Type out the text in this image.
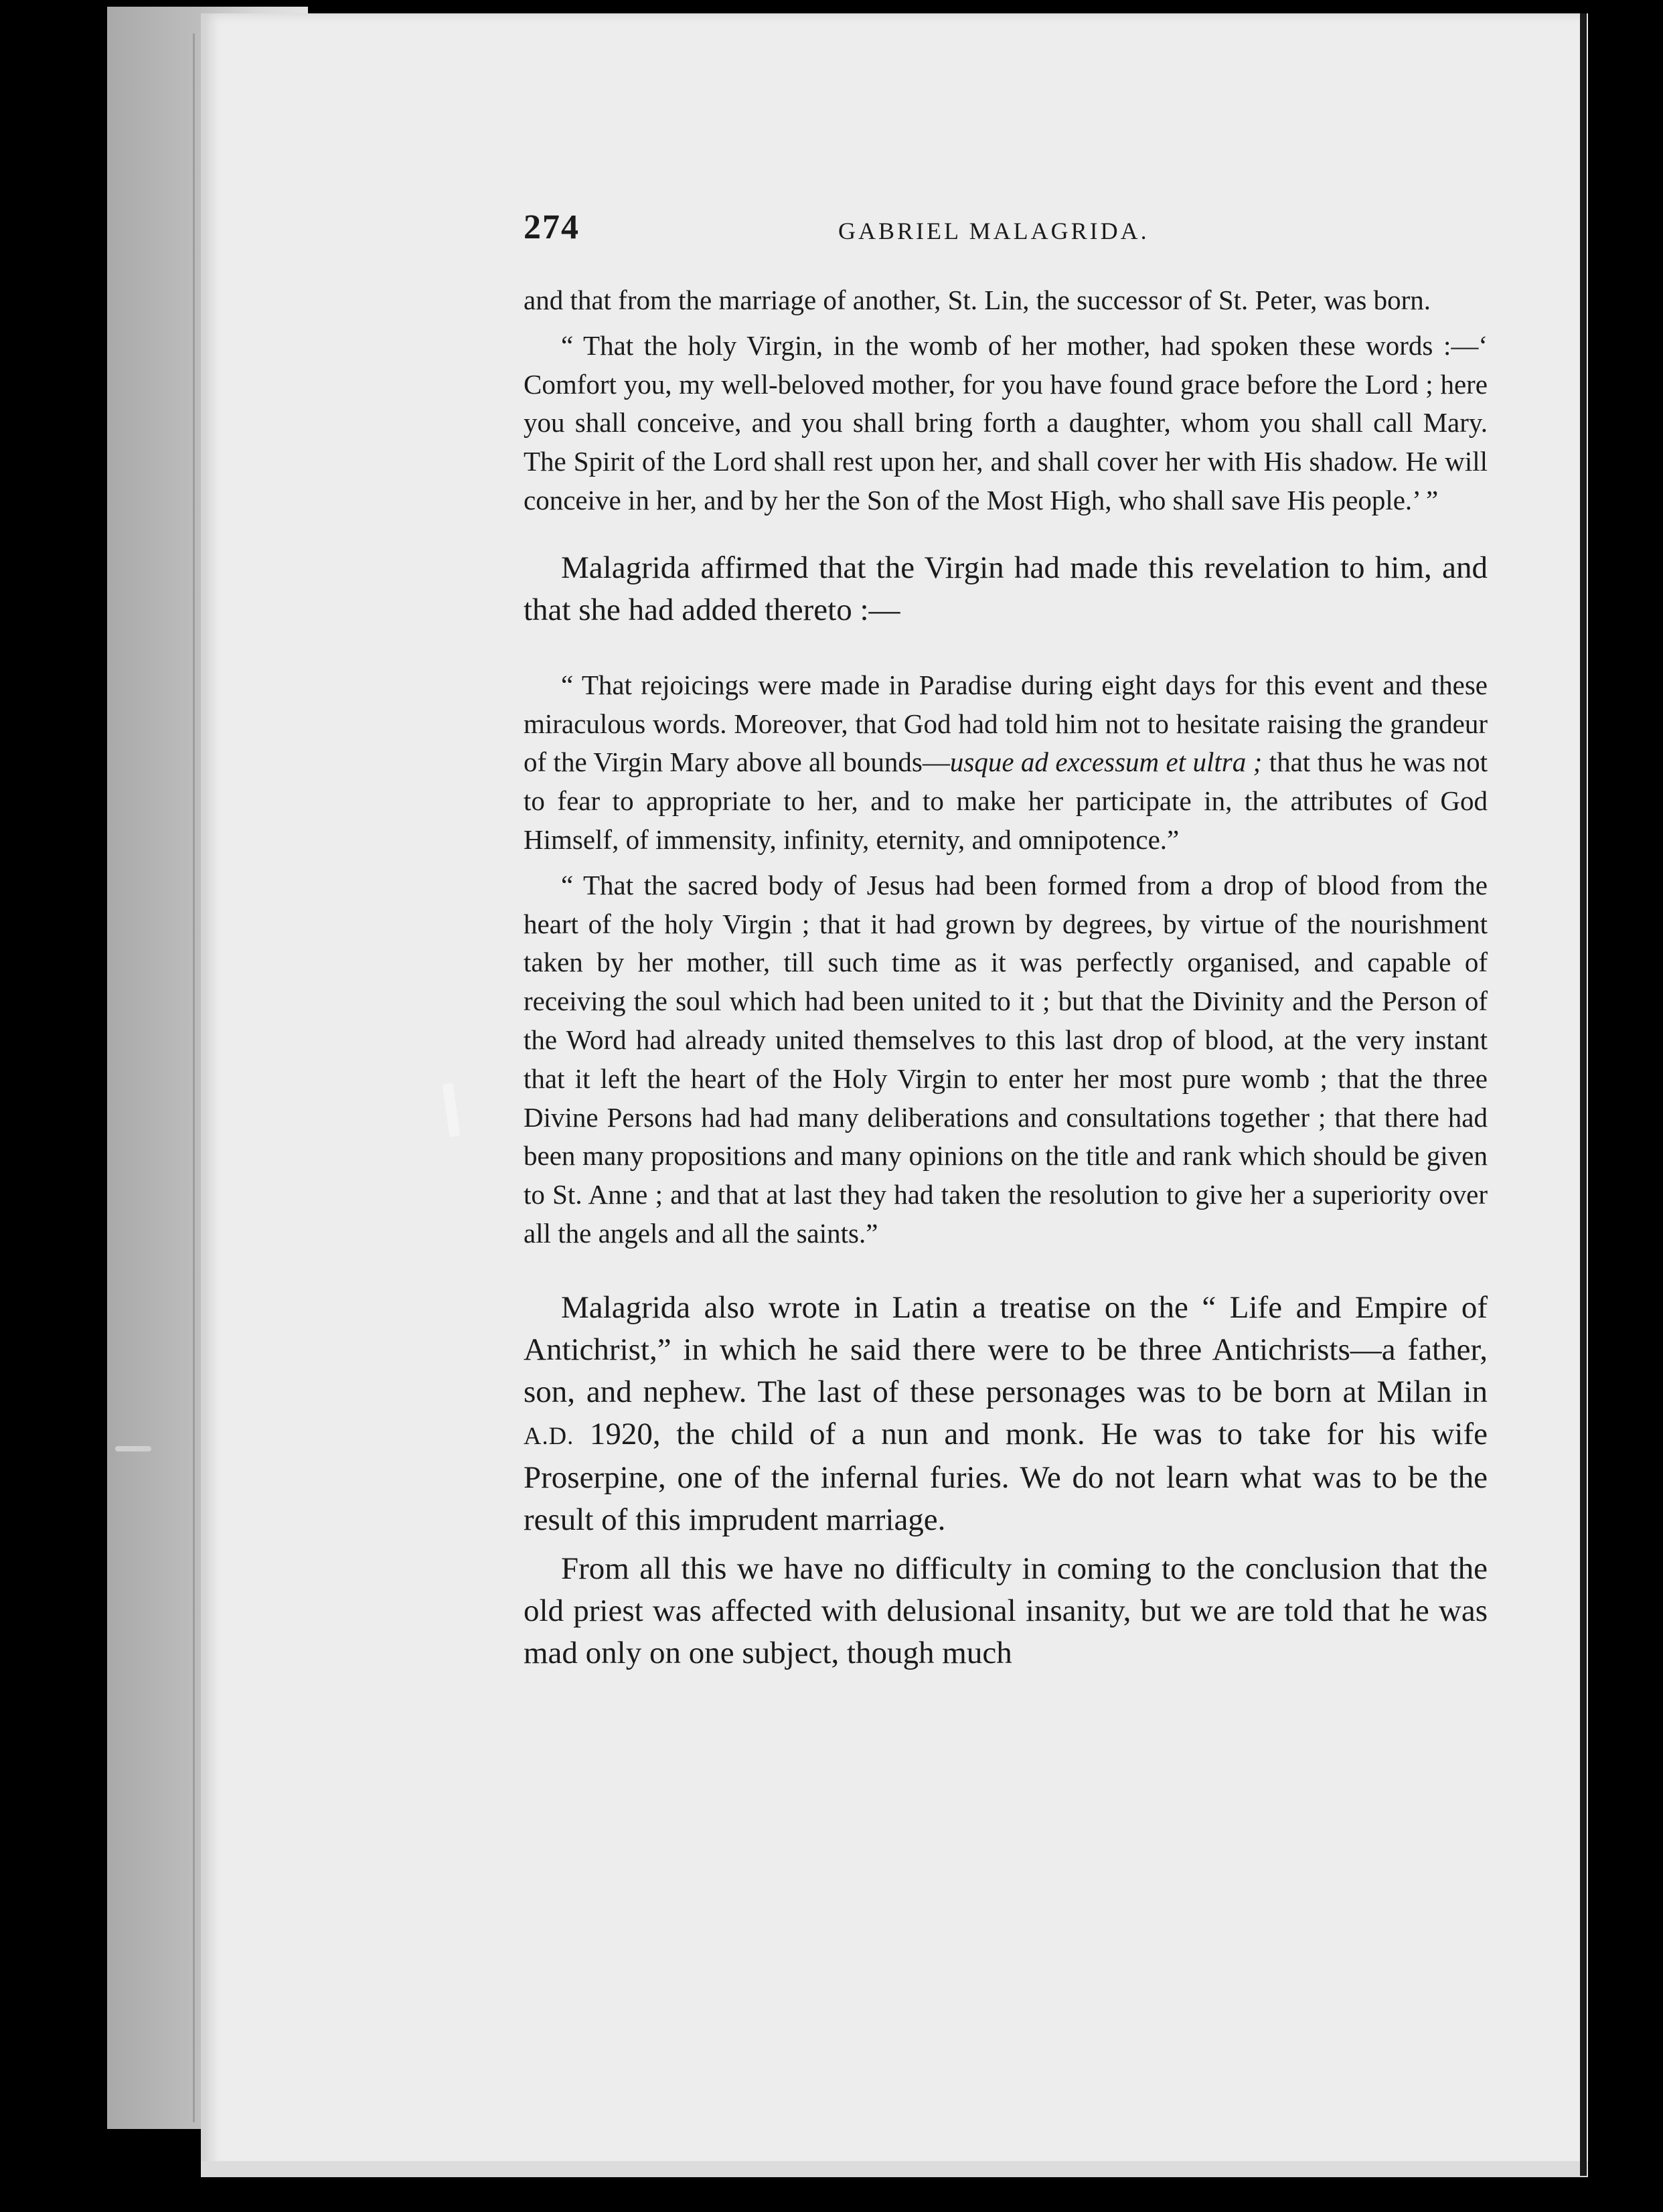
274	GABRIEL MALAGRIDA.

and that from the marriage of another, St. Lin, the successor of St. Peter, was born.

“ That the holy Virgin, in the womb of her mother, had spoken these words :—‘ Comfort you, my well-beloved mother, for you have found grace before the Lord ; here you shall conceive, and you shall bring forth a daughter, whom you shall call Mary. The Spirit of the Lord shall rest upon her, and shall cover her with His shadow. He will conceive in her, and by her the Son of the Most High, who shall save His people.’ ”

Malagrida affirmed that the Virgin had made this revelation to him, and that she had added thereto :—

“ That rejoicings were made in Paradise during eight days for this event and these miraculous words. Moreover, that God had told him not to hesitate raising the grandeur of the Virgin Mary above all bounds—usque ad excessum et ultra ; that thus he was not to fear to appropriate to her, and to make her participate in, the attributes of God Himself, of immensity, infinity, eternity, and omnipotence.”

“ That the sacred body of Jesus had been formed from a drop of blood from the heart of the holy Virgin ; that it had grown by degrees, by virtue of the nourishment taken by her mother, till such time as it was perfectly organised, and capable of receiving the soul which had been united to it ; but that the Divinity and the Person of the Word had already united themselves to this last drop of blood, at the very instant that it left the heart of the Holy Virgin to enter her most pure womb ; that the three Divine Persons had had many deliberations and consultations together ; that there had been many propositions and many opinions on the title and rank which should be given to St. Anne ; and that at last they had taken the resolution to give her a superiority over all the angels and all the saints.”

Malagrida also wrote in Latin a treatise on the “ Life and Empire of Antichrist,” in which he said there were to be three Antichrists—a father, son, and nephew. The last of these personages was to be born at Milan in A.D. 1920, the child of a nun and monk. He was to take for his wife Proserpine, one of the infernal furies. We do not learn what was to be the result of this imprudent marriage.

From all this we have no difficulty in coming to the conclusion that the old priest was affected with delusional insanity, but we are told that he was mad only on one subject, though much
